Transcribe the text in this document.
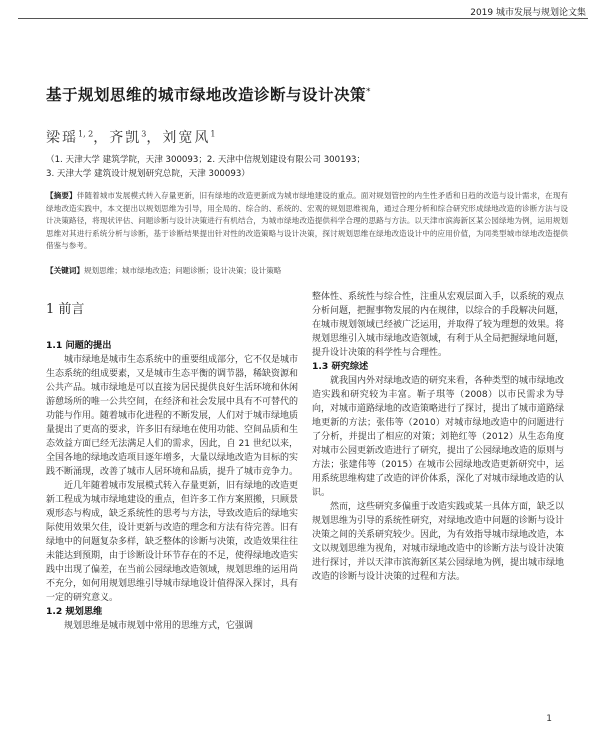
2019 城市发展与规划论文集
基于规划思维的城市绿地改造诊断与设计决策*
梁瑶$^{1, 2}$，齐凯$^3$，刘宽风$^1$
（1. 天津大学 建筑学院，天津 300093；2. 天津中信规划建设有限公司 300193；
3. 天津大学 建筑设计规划研究总院，天津 300093）

【摘要】伴随着城市发展模式转入存量更新，旧有绿地的改造更新成为城市绿地建设的重点。面对规划管控的内生性矛盾和日趋的改造与设计需求，在现有绿地改造实践中，本文提出以规划思维为引导，用全局的、综合的、系统的、宏观的规划思维视角，通过合理分析和综合研究形成绿地改造的诊断方法与设计决策路径，将现状评估、问题诊断与设计决策进行有机结合，为城市绿地改造提供科学合理的思路与方法。以天津市滨海新区某公园绿地为例，运用规划思维对其进行系统分析与诊断，基于诊断结果提出针对性的改造策略与设计决策，探讨规划思维在绿地改造设计中的应用价值，为同类型城市绿地改造提供借鉴与参考。

【关键词】规划思维；城市绿地改造；问题诊断；设计决策；设计策略

1 前言

1.1 问题的提出

城市绿地是城市生态系统中的重要组成部分，它不仅是城市生态系统的组成要素，又是城市生态平衡的调节器，稀缺资源和公共产品。城市绿地是可以直接为居民提供良好生活环境和休闲游憩场所的唯一公共空间，在经济和社会发展中具有不可替代的功能与作用。随着城市化进程的不断发展，人们对于城市绿地质量提出了更高的要求，许多旧有绿地在使用功能、空间品质和生态效益方面已经无法满足人们的需求，因此，自 21 世纪以来，全国各地的绿地改造项目逐年增多，大量以绿地改造为目标的实践不断涌现，改善了城市人居环境和品质，提升了城市竞争力。

近几年随着城市发展模式转入存量更新，旧有绿地的改造更新工程成为城市绿地建设的重点，但许多工作方案照搬，只顾景观形态与构成，缺乏系统性的思考与方法，导致改造后的绿地实际使用效果欠佳，设计更新与改造的理念和方法有待完善。旧有绿地中的问题复杂多样，缺乏整体的诊断与决策，改造效果往往未能达到预期，由于诊断设计环节存在的不足，使得绿地改造实践中出现了偏差，在当前公园绿地改造领域，规划思维的运用尚不充分，如何用规划思维引导城市绿地设计值得深入探讨，具有一定的研究意义。

1.2 规划思维

规划思维是城市规划中常用的思维方式，它强调

整体性、系统性与综合性，注重从宏观层面入手，以系统的观点分析问题，把握事物发展的内在规律，以综合的手段解决问题，在城市规划领域已经被广泛运用，并取得了较为理想的效果。将规划思维引入城市绿地改造领域，有利于从全局把握绿地问题，提升设计决策的科学性与合理性。

1.3 研究综述

就我国内外对绿地改造的研究来看，各种类型的城市绿地改造实践和研究较为丰富。靳子琪等（2008）以市民需求为导向，对城市道路绿地的改造策略进行了探讨，提出了城市道路绿地更新的方法；张伟等（2010）对城市绿地改造中的问题进行了分析，并提出了相应的对策；刘艳红等（2012）从生态角度对城市公园更新改造进行了研究，提出了公园绿地改造的原则与方法；张建伟等（2015）在城市公园绿地改造更新研究中，运用系统思维构建了改造的评价体系，深化了对城市绿地改造的认识。

然而，这些研究多偏重于改造实践或某一具体方面，缺乏以规划思维为引导的系统性研究，对绿地改造中问题的诊断与设计决策之间的关系研究较少。因此，为有效指导城市绿地改造，本文以规划思维为视角，对城市绿地改造中的诊断方法与设计决策进行探讨，并以天津市滨海新区某公园绿地为例，提出城市绿地改造的诊断与设计决策的过程和方法。

1
